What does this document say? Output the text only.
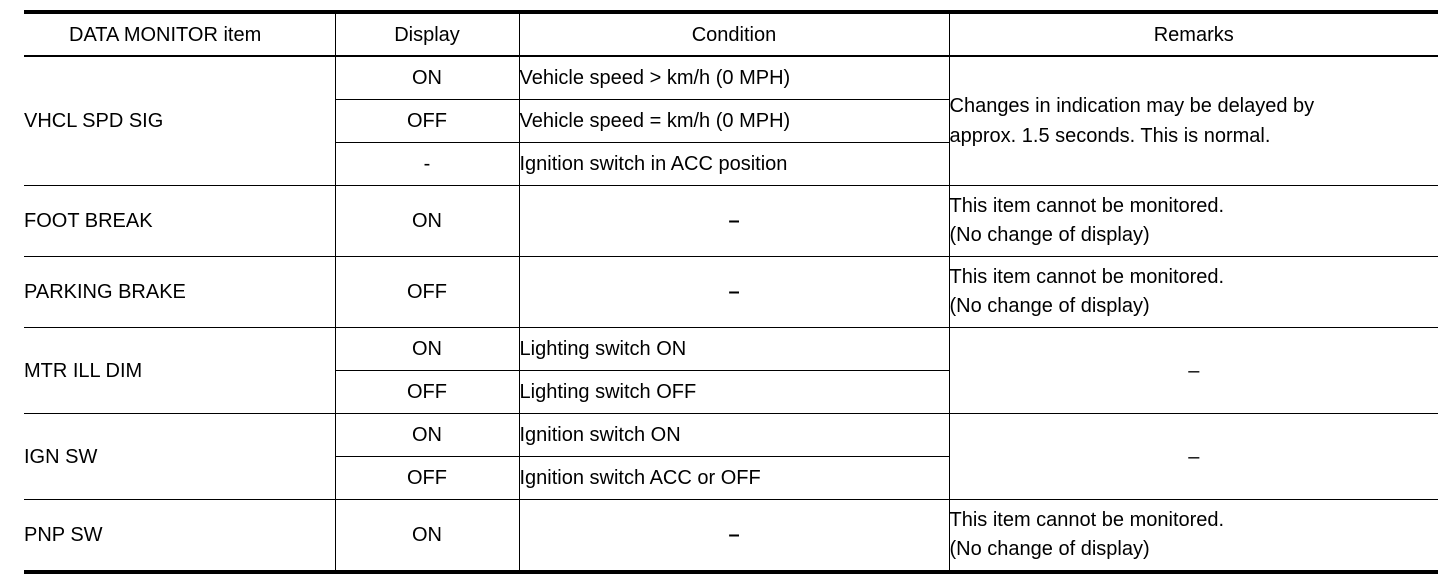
DATA MONITOR item	Display	Condition	Remarks
VHCL SPD SIG	ON	Vehicle speed > km/h (0 MPH)	Changes in indication may be delayed by
approx. 1.5 seconds. This is normal.

	OFF	Vehicle speed = km/h (0 MPH)	
	-	Ignition switch in ACC position	
FOOT BREAK	ON	–	This item cannot be monitored.
(No change of display)

PARKING BRAKE	OFF	–	This item cannot be monitored.
(No change of display)

MTR ILL DIM	ON	Lighting switch ON	–
	OFF	Lighting switch OFF	
IGN SW	ON	Ignition switch ON	–
	OFF	Ignition switch ACC or OFF	
PNP SW	ON	–	This item cannot be monitored.
(No change of display)
